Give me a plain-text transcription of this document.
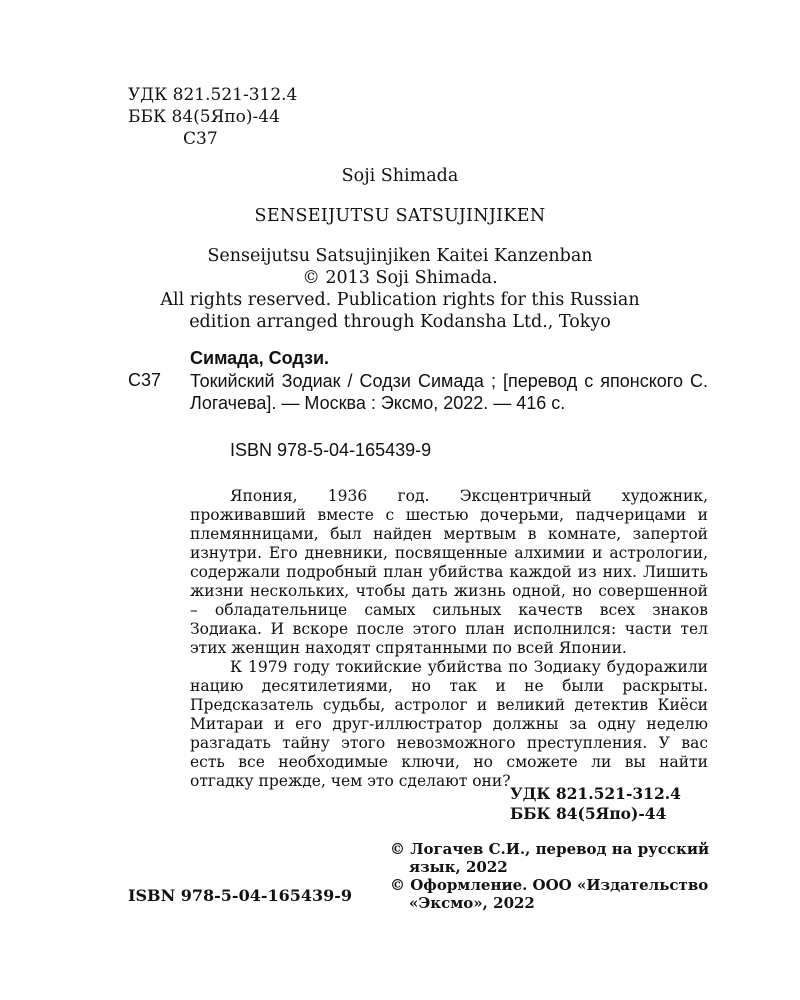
УДК 821.521-312.4
ББК 84(5Япо)-44
С37
Soji Shimada
SENSEIJUTSU SATSUJINJIKEN
Senseijutsu Satsujinjiken Kaitei Kanzenban
© 2013 Soji Shimada.
All rights reserved. Publication rights for this Russian
edition arranged through Kodansha Ltd., Tokyo
Симада, Содзи.
С37 Токийский Зодиак / Содзи Симада ; [перевод с японского С. Логачева]. — Москва : Эксмо, 2022. — 416 с.
ISBN 978-5-04-165439-9

Япония, 1936 год. Эксцентричный художник, проживавший вместе с шестью дочерьми, падчерицами и племянницами, был найден мертвым в комнате, запертой изнутри. Его дневники, посвященные алхимии и астрологии, содержали подробный план убийства каждой из них. Лишить жизни нескольких, чтобы дать жизнь одной, но совершенной – обладательнице самых сильных качеств всех знаков Зодиака. И вскоре после этого план исполнился: части тел этих женщин находят спрятанными по всей Японии.

К 1979 году токийские убийства по Зодиаку будоражили нацию десятилетиями, но так и не были раскрыты. Предсказатель судьбы, астролог и великий детектив Киёси Митараи и его друг-иллюстратор должны за одну неделю разгадать тайну этого невозможного преступления. У вас есть все необходимые ключи, но сможете ли вы найти отгадку прежде, чем это сделают они?

УДК 821.521-312.4
ББК 84(5Япо)-44
ISBN 978-5-04-165439-9
© Логачев С.И., перевод на русский язык, 2022
© Оформление. ООО «Издательство «Эксмо», 2022
